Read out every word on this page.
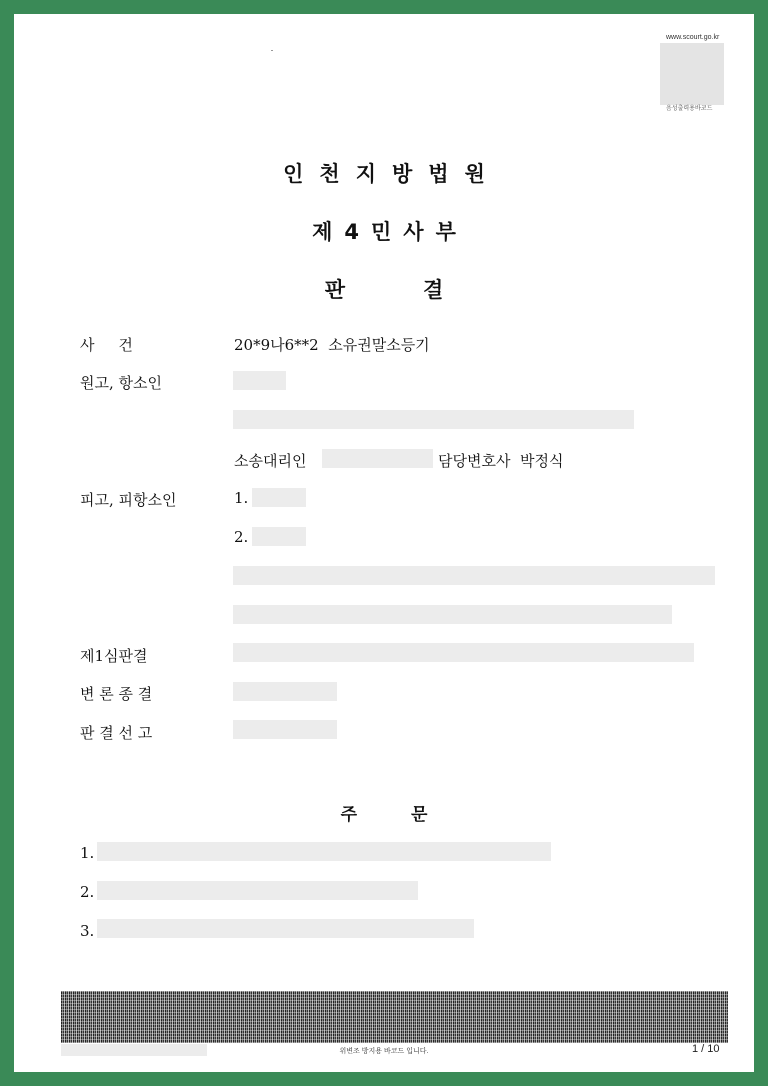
www.scourt.go.kr
음성출력용바코드
인천지방법원
제4민사부
판	결
사     건	20*9나6**2  소유권말소등기
원고, 항소인
소송대리인	담당변호사  박정식
피고, 피항소인	1.
2.
제1심판결
변 론 종 결
판 결 선 고
주	문
1.
2.
3.
위변조 방지용 바코드 입니다.	1 / 10
